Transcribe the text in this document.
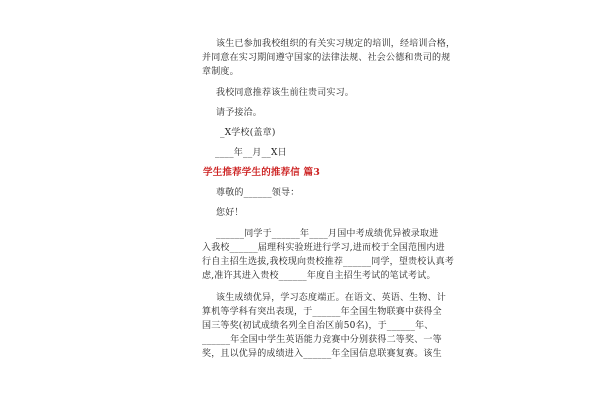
该生已参加我校组织的有关实习规定的培训，经培训合格，
并同意在实习期间遵守国家的法律法规、社会公德和贵司的规
章制度。
我校同意推荐该生前往贵司实习。
请予接洽。
_X学校(盖章)
____年__月__X日
学生推荐学生的推荐信 篇3
尊敬的______领导：
您好！
______同学于______年____月国中考成绩优异被录取进
入我校______届理科实验班进行学习,进而校于全国范围内进
行自主招生选拔,我校现向贵校推荐______同学，望贵校认真考
虑,准许其进入贵校______年度自主招生考试的笔试考试。
该生成绩优异，学习态度端正。在语文、英语、生物、计
算机等学科有突出表现，于______年全国生物联赛中获得全
国三等奖(初试成绩名列全自治区前50名)，于______年、
______年全国中学生英语能力竞赛中分别获得二等奖、一等
奖，且以优异的成绩进入______年全国信息联赛复赛。该生
